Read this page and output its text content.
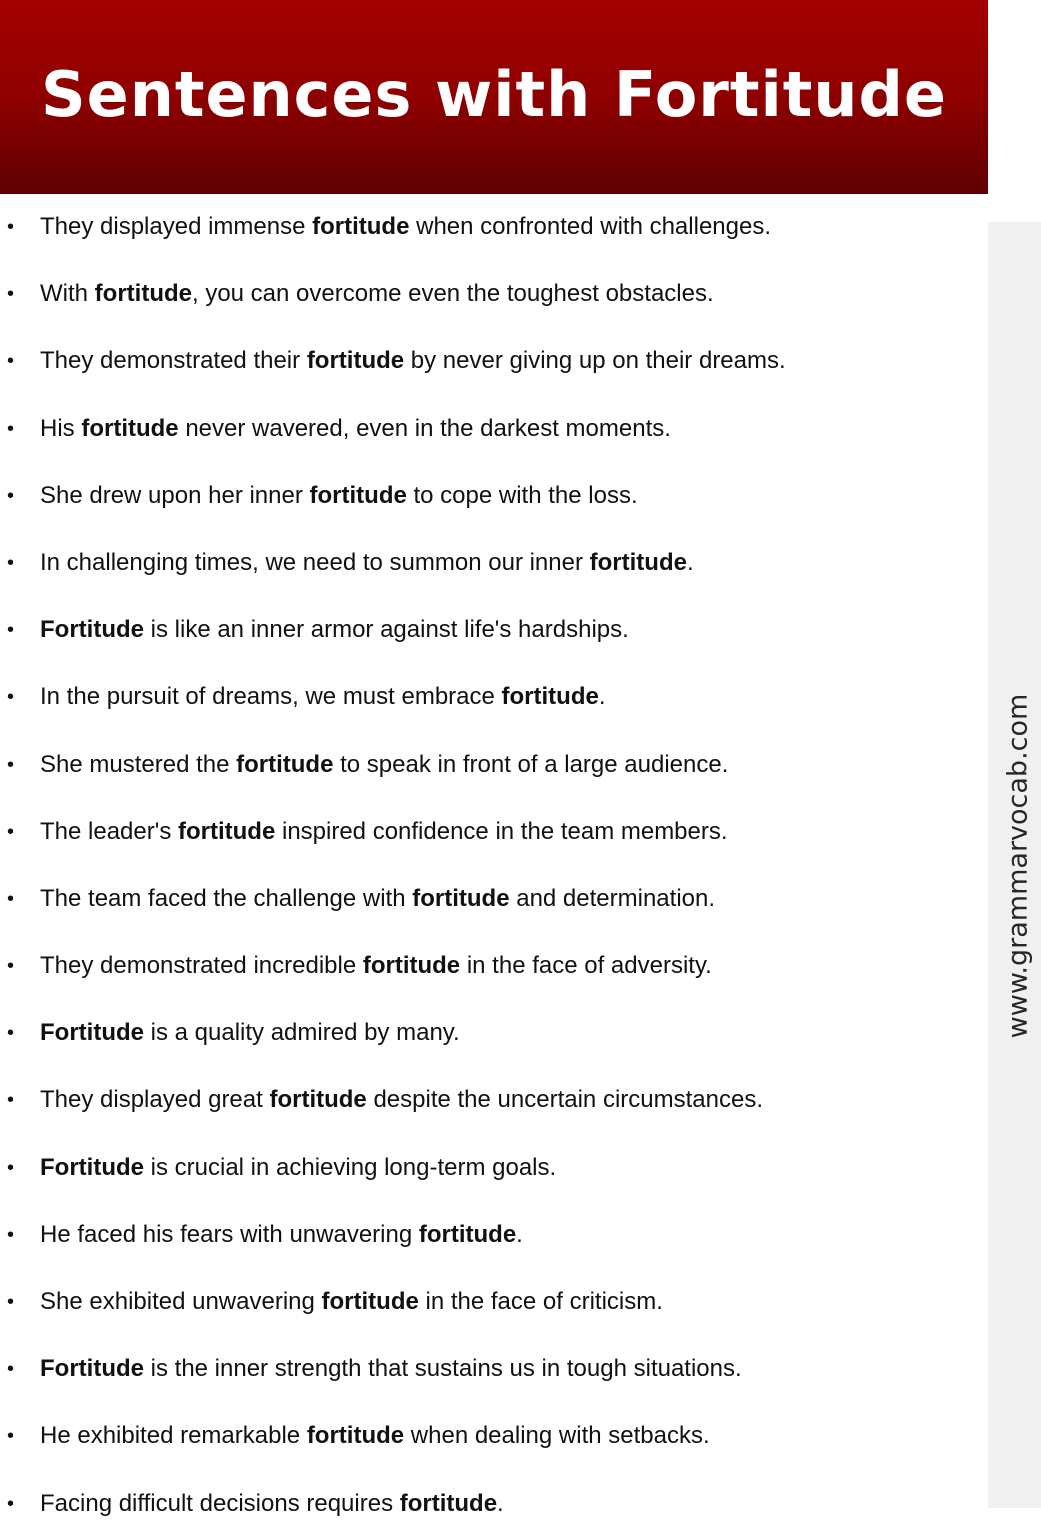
Sentences with Fortitude
www.grammarvocab.com
• They displayed immense fortitude when confronted with challenges.
• With fortitude, you can overcome even the toughest obstacles.
• They demonstrated their fortitude by never giving up on their dreams.
• His fortitude never wavered, even in the darkest moments.
• She drew upon her inner fortitude to cope with the loss.
• In challenging times, we need to summon our inner fortitude.
• Fortitude is like an inner armor against life's hardships.
• In the pursuit of dreams, we must embrace fortitude.
• She mustered the fortitude to speak in front of a large audience.
• The leader's fortitude inspired confidence in the team members.
• The team faced the challenge with fortitude and determination.
• They demonstrated incredible fortitude in the face of adversity.
• Fortitude is a quality admired by many.
• They displayed great fortitude despite the uncertain circumstances.
• Fortitude is crucial in achieving long-term goals.
• He faced his fears with unwavering fortitude.
• She exhibited unwavering fortitude in the face of criticism.
• Fortitude is the inner strength that sustains us in tough situations.
• He exhibited remarkable fortitude when dealing with setbacks.
• Facing difficult decisions requires fortitude.
